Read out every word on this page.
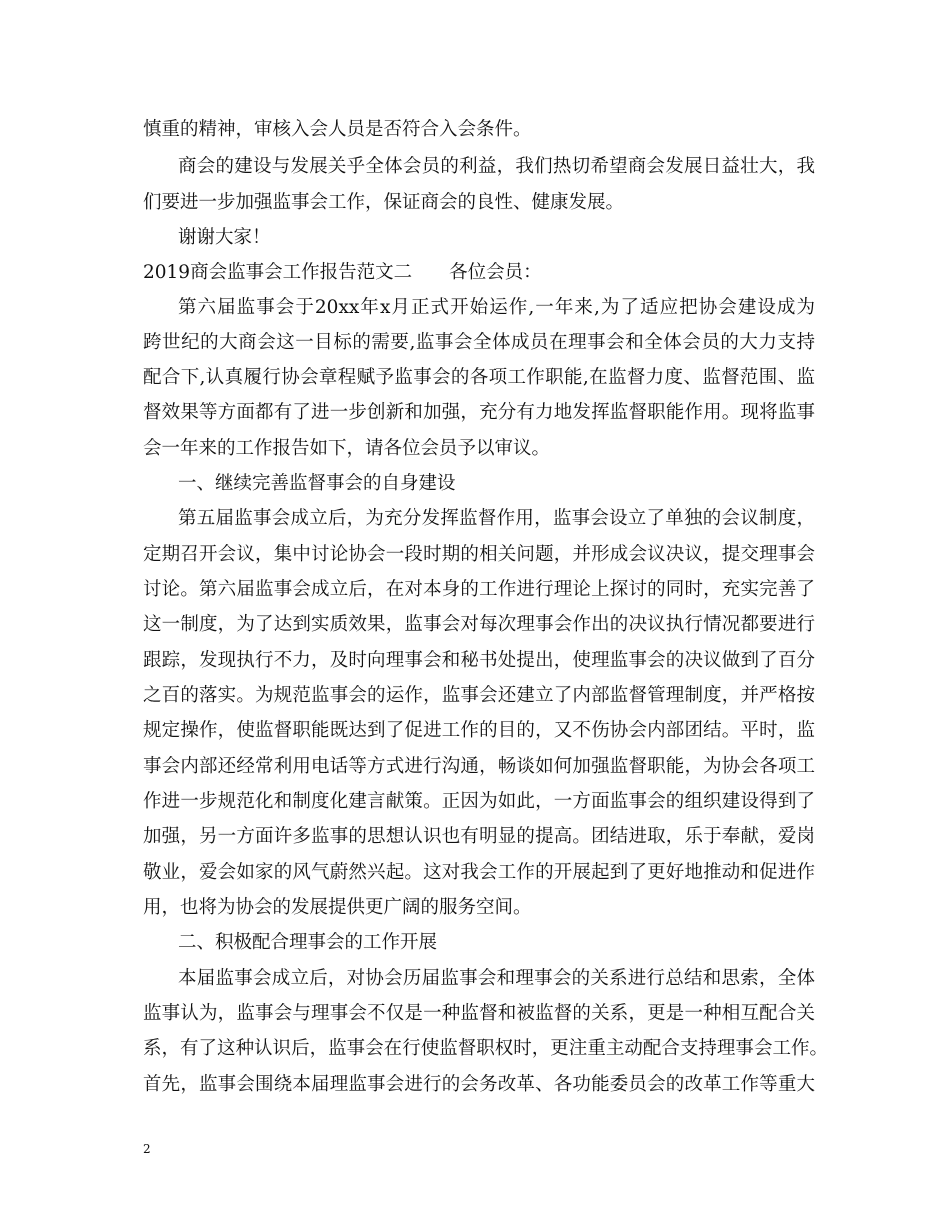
慎重的精神，审核入会人员是否符合入会条件。
商会的建设与发展关乎全体会员的利益，我们热切希望商会发展日益壮大，我
们要进一步加强监事会工作，保证商会的良性、健康发展。
谢谢大家！
2019商会监事会工作报告范文二　　各位会员：
第六届监事会于20xx年x月正式开始运作,一年来,为了适应把协会建设成为
跨世纪的大商会这一目标的需要,监事会全体成员在理事会和全体会员的大力支持
配合下,认真履行协会章程赋予监事会的各项工作职能,在监督力度、监督范围、监
督效果等方面都有了进一步创新和加强，充分有力地发挥监督职能作用。现将监事
会一年来的工作报告如下，请各位会员予以审议。
一、继续完善监督事会的自身建设
第五届监事会成立后，为充分发挥监督作用，监事会设立了单独的会议制度，
定期召开会议，集中讨论协会一段时期的相关问题，并形成会议决议，提交理事会
讨论。第六届监事会成立后，在对本身的工作进行理论上探讨的同时，充实完善了
这一制度，为了达到实质效果，监事会对每次理事会作出的决议执行情况都要进行
跟踪，发现执行不力，及时向理事会和秘书处提出，使理监事会的决议做到了百分
之百的落实。为规范监事会的运作，监事会还建立了内部监督管理制度，并严格按
规定操作，使监督职能既达到了促进工作的目的，又不伤协会内部团结。平时，监
事会内部还经常利用电话等方式进行沟通，畅谈如何加强监督职能，为协会各项工
作进一步规范化和制度化建言献策。正因为如此，一方面监事会的组织建设得到了
加强，另一方面许多监事的思想认识也有明显的提高。团结进取，乐于奉献，爱岗
敬业，爱会如家的风气蔚然兴起。这对我会工作的开展起到了更好地推动和促进作
用，也将为协会的发展提供更广阔的服务空间。
二、积极配合理事会的工作开展
本届监事会成立后，对协会历届监事会和理事会的关系进行总结和思索，全体
监事认为，监事会与理事会不仅是一种监督和被监督的关系，更是一种相互配合关
系，有了这种认识后，监事会在行使监督职权时，更注重主动配合支持理事会工作。
首先，监事会围绕本届理监事会进行的会务改革、各功能委员会的改革工作等重大
2
